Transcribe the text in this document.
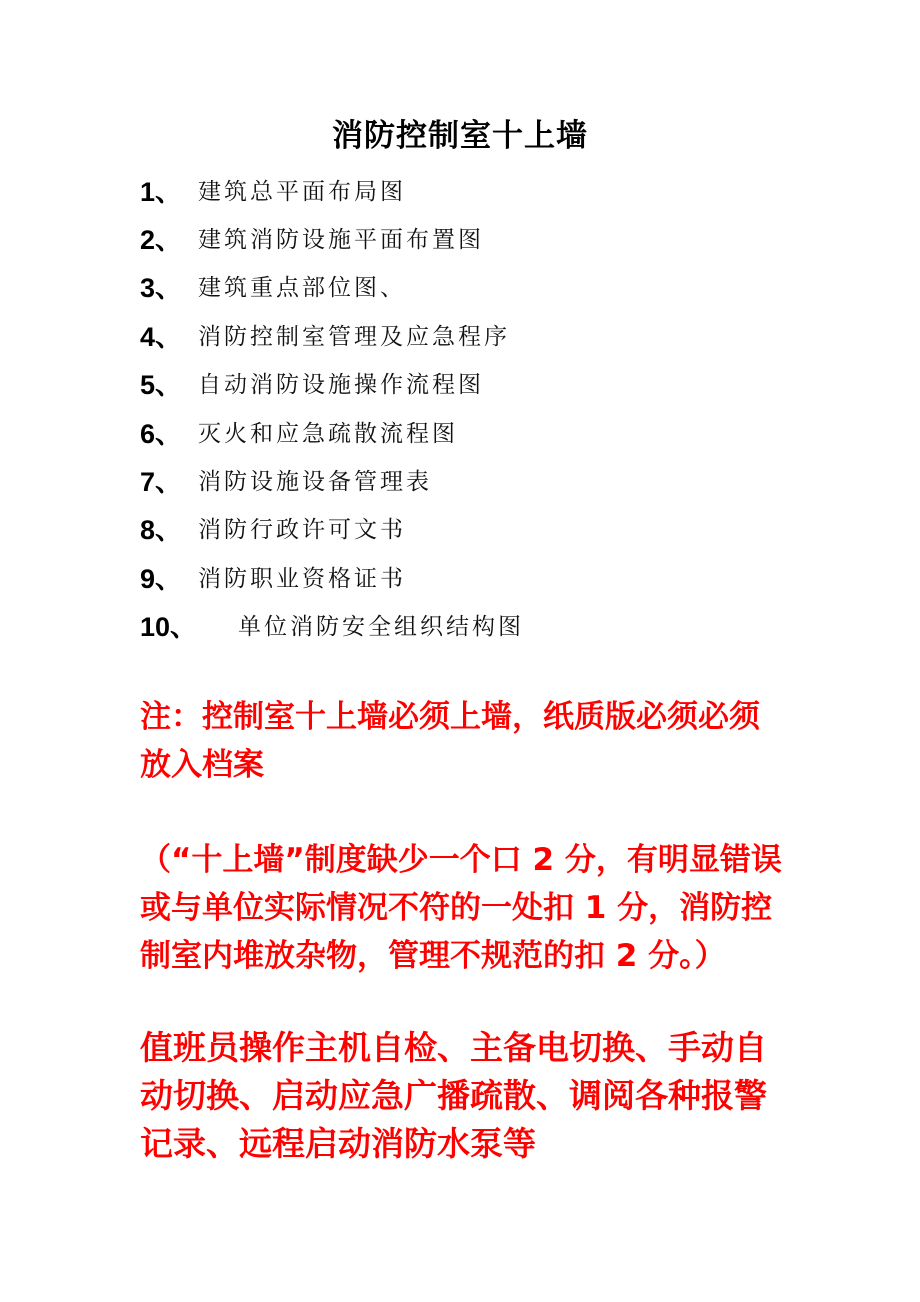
消防控制室十上墙
1、 建筑总平面布局图
2、 建筑消防设施平面布置图
3、 建筑重点部位图、
4、 消防控制室管理及应急程序
5、 自动消防设施操作流程图
6、 灭火和应急疏散流程图
7、 消防设施设备管理表
8、 消防行政许可文书
9、 消防职业资格证书
10、	单位消防安全组织结构图
注：控制室十上墙必须上墙，纸质版必须必须放入档案
（“十上墙”制度缺少一个口 2 分，有明显错误或与单位实际情况不符的一处扣 1 分，消防控制室内堆放杂物，管理不规范的扣 2 分。）
值班员操作主机自检、主备电切换、手动自动切换、启动应急广播疏散、调阅各种报警记录、远程启动消防水泵等
